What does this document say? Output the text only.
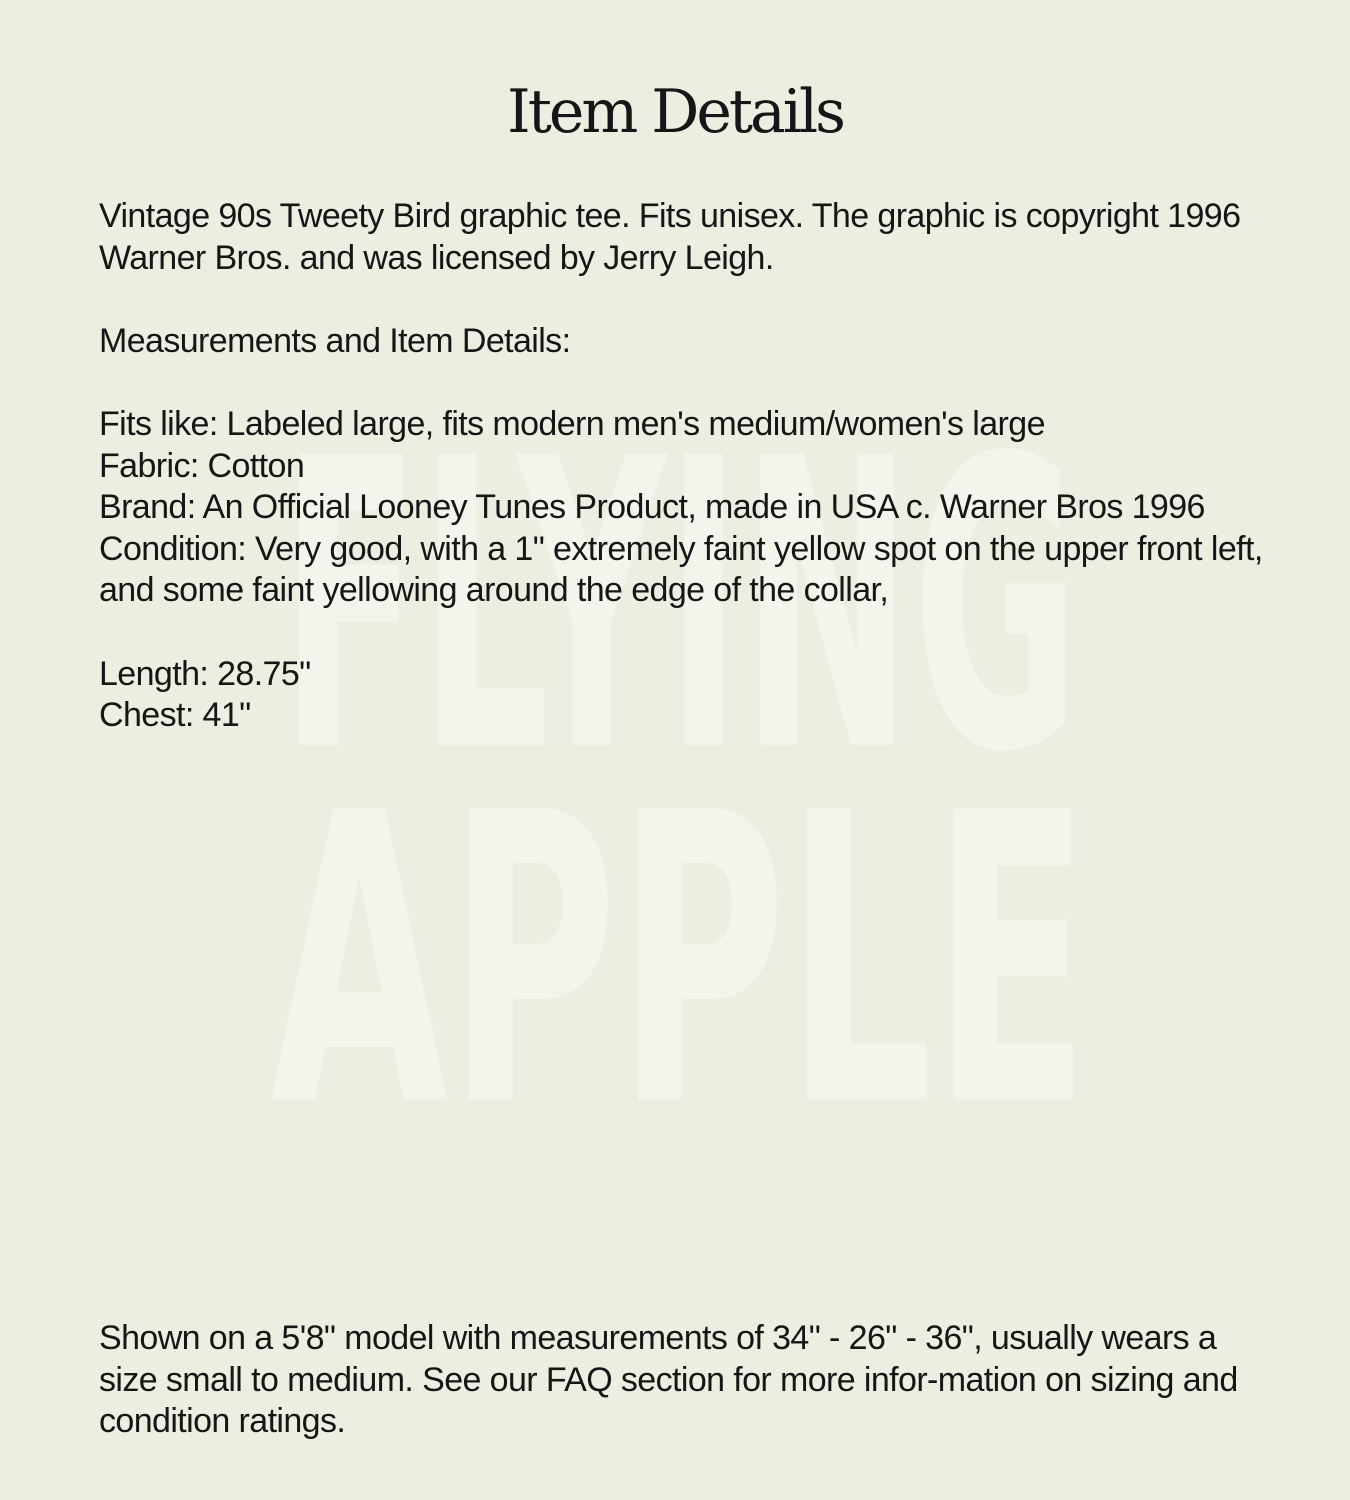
FLYING
APPLE
Item Details

Vintage 90s Tweety Bird graphic tee. Fits unisex. The graphic is copyright 1996 Warner Bros. and was licensed by Jerry Leigh.

Measurements and Item Details:

Fits like: Labeled large, fits modern men's medium/women's large

Fabric: Cotton

Brand: An Official Looney Tunes Product, made in USA c. Warner Bros 1996

Condition: Very good, with a 1" extremely faint yellow spot on the upper front left, and some faint yellowing around the edge of the collar,

Length: 28.75"

Chest: 41"

Shown on a 5'8" model with measurements of 34" - 26" - 36", usually wears a size small to medium. See our FAQ section for more infor-mation on sizing and condition ratings.
